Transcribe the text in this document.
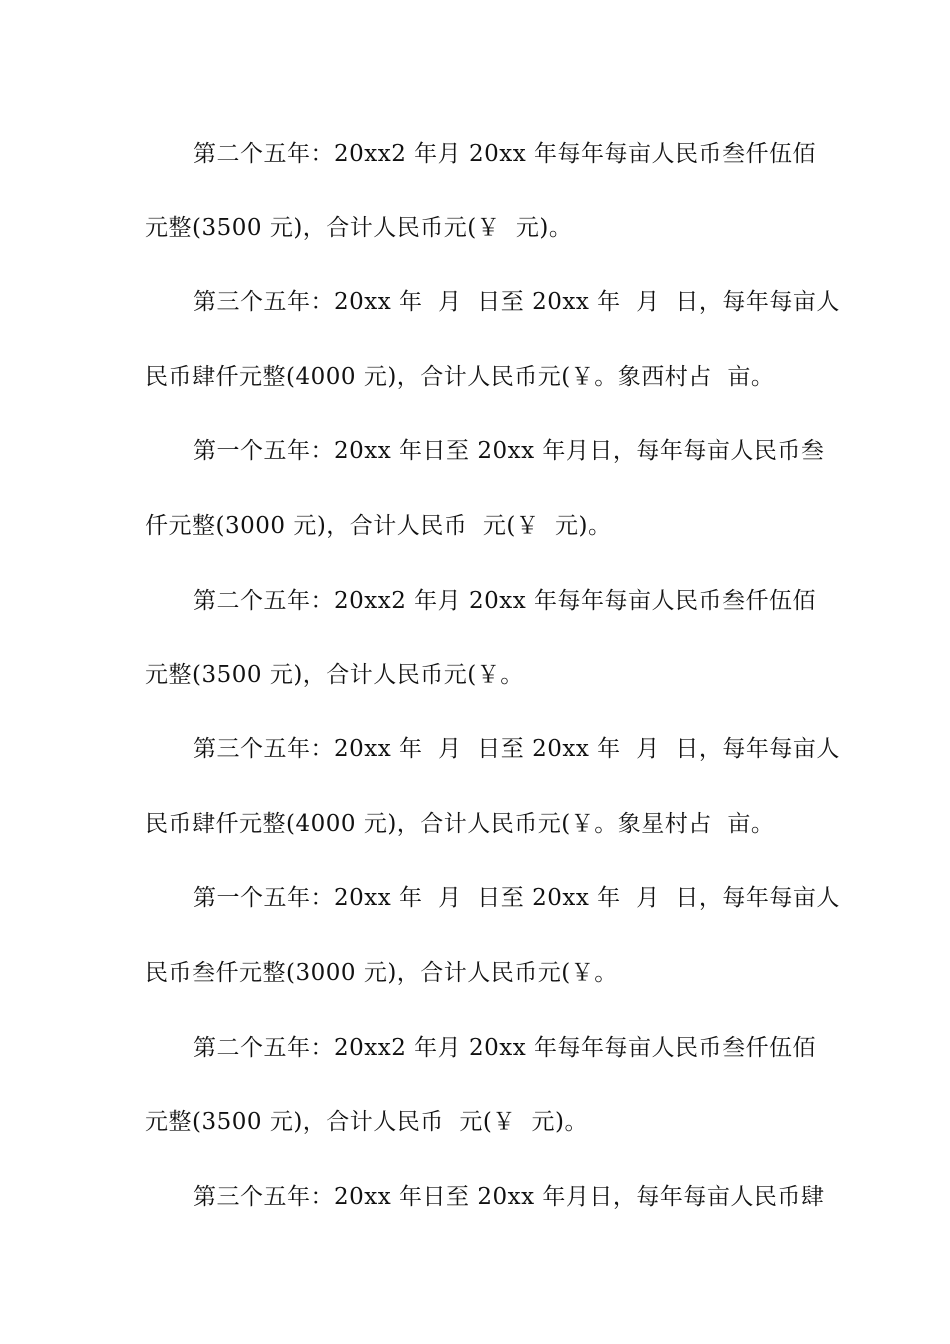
第二个五年：20xx2 年月 20xx 年每年每亩人民币叁仟伍佰
元整(3500 元)，合计人民币元(￥  元)。
第三个五年：20xx 年  月  日至 20xx 年  月  日，每年每亩人
民币肆仟元整(4000 元)，合计人民币元(￥。象西村占  亩。
第一个五年：20xx 年日至 20xx 年月日，每年每亩人民币叁
仟元整(3000 元)，合计人民币  元(￥  元)。
第二个五年：20xx2 年月 20xx 年每年每亩人民币叁仟伍佰
元整(3500 元)，合计人民币元(￥。
第三个五年：20xx 年  月  日至 20xx 年  月  日，每年每亩人
民币肆仟元整(4000 元)，合计人民币元(￥。象星村占  亩。
第一个五年：20xx 年  月  日至 20xx 年  月  日，每年每亩人
民币叁仟元整(3000 元)，合计人民币元(￥。
第二个五年：20xx2 年月 20xx 年每年每亩人民币叁仟伍佰
元整(3500 元)，合计人民币  元(￥  元)。
第三个五年：20xx 年日至 20xx 年月日，每年每亩人民币肆
